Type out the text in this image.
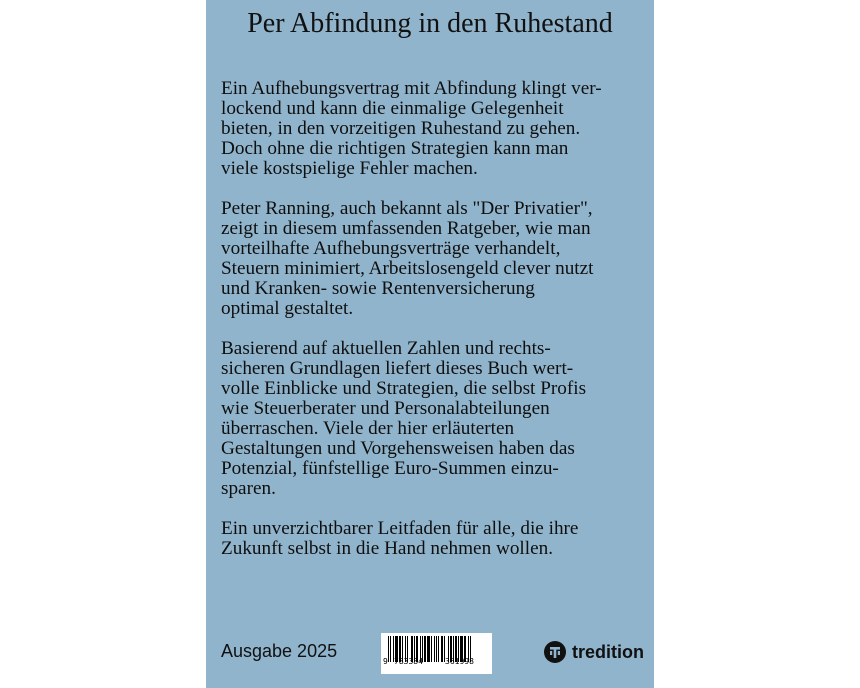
Per Abfindung in den Ruhestand
Ein Aufhebungsvertrag mit Abfindung klingt ver-
lockend und kann die einmalige Gelegenheit
bieten, in den vorzeitigen Ruhestand zu gehen.
Doch ohne die richtigen Strategien kann man
viele kostspielige Fehler machen.
Peter Ranning, auch bekannt als "Der Privatier",
zeigt in diesem umfassenden Ratgeber, wie man
vorteilhafte Aufhebungsverträge verhandelt,
Steuern minimiert, Arbeitslosengeld clever nutzt
und Kranken- sowie Rentenversicherung
optimal gestaltet.
Basierend auf aktuellen Zahlen und rechts-
sicheren Grundlagen liefert dieses Buch wert-
volle Einblicke und Strategien, die selbst Profis
wie Steuerberater und Personalabteilungen
überraschen. Viele der hier erläuterten
Gestaltungen und Vorgehensweisen haben das
Potenzial, fünfstellige Euro-Summen einzu-
sparen.
Ein unverzichtbarer Leitfaden für alle, die ihre
Zukunft selbst in die Hand nehmen wollen.
Ausgabe 2025
9 783384	361998	tredition
